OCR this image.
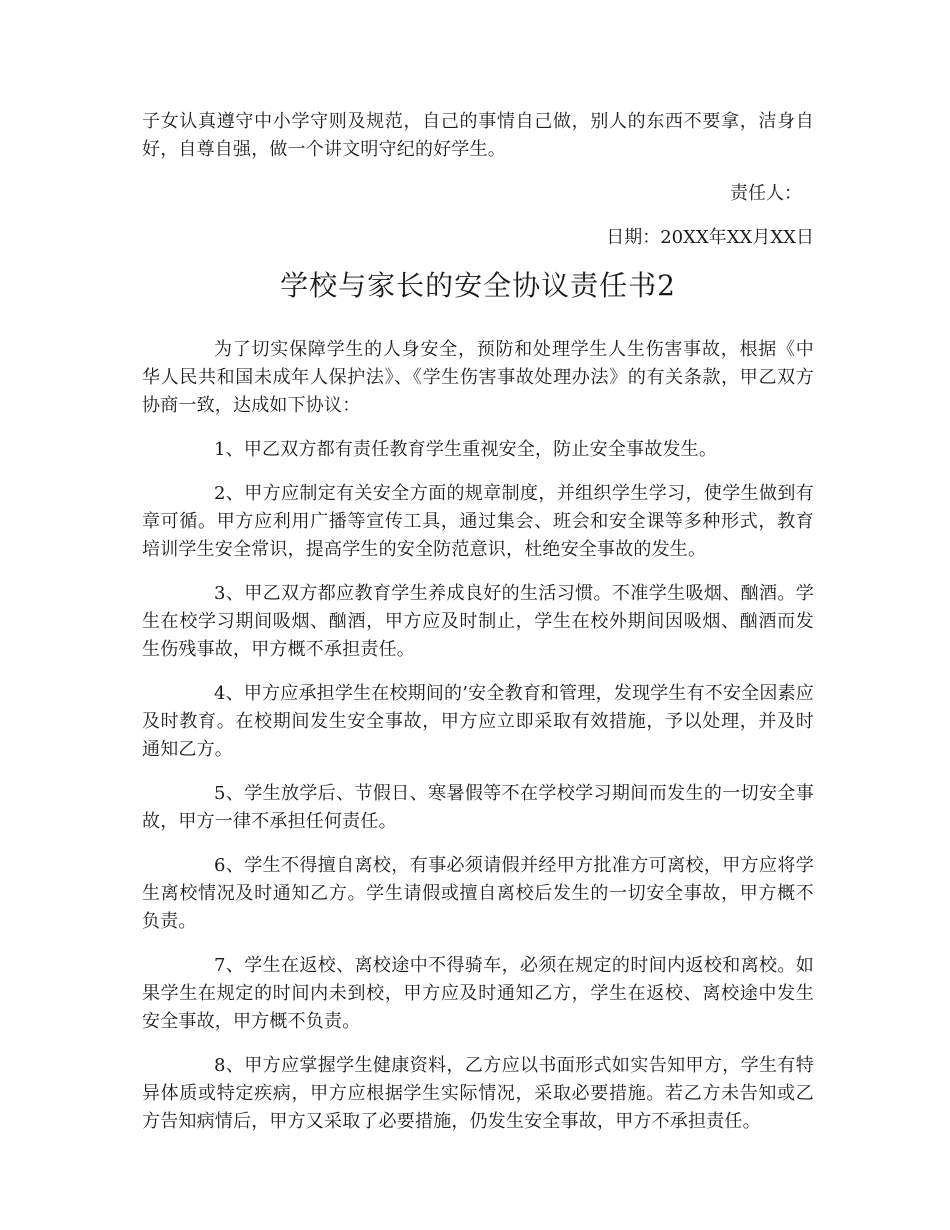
子女认真遵守中小学守则及规范，自己的事情自己做，别人的东西不要拿，洁身自好，自尊自强，做一个讲文明守纪的好学生。

责任人：

日期：20XX年XX月XX日

学校与家长的安全协议责任书2

为了切实保障学生的人身安全，预防和处理学生人生伤害事故，根据《中华人民共和国未成年人保护法》、《学生伤害事故处理办法》的有关条款，甲乙双方协商一致，达成如下协议：

1、甲乙双方都有责任教育学生重视安全，防止安全事故发生。

2、甲方应制定有关安全方面的规章制度，并组织学生学习，使学生做到有章可循。甲方应利用广播等宣传工具，通过集会、班会和安全课等多种形式，教育培训学生安全常识，提高学生的安全防范意识，杜绝安全事故的发生。

3、甲乙双方都应教育学生养成良好的生活习惯。不准学生吸烟、酗酒。学生在校学习期间吸烟、酗酒，甲方应及时制止，学生在校外期间因吸烟、酗酒而发生伤残事故，甲方概不承担责任。

4、甲方应承担学生在校期间的’安全教育和管理，发现学生有不安全因素应及时教育。在校期间发生安全事故，甲方应立即采取有效措施，予以处理，并及时通知乙方。

5、学生放学后、节假日、寒暑假等不在学校学习期间而发生的一切安全事故，甲方一律不承担任何责任。

6、学生不得擅自离校，有事必须请假并经甲方批准方可离校，甲方应将学生离校情况及时通知乙方。学生请假或擅自离校后发生的一切安全事故，甲方概不负责。

7、学生在返校、离校途中不得骑车，必须在规定的时间内返校和离校。如果学生在规定的时间内未到校，甲方应及时通知乙方，学生在返校、离校途中发生安全事故，甲方概不负责。

8、甲方应掌握学生健康资料，乙方应以书面形式如实告知甲方，学生有特异体质或特定疾病，甲方应根据学生实际情况，采取必要措施。若乙方未告知或乙方告知病情后，甲方又采取了必要措施，仍发生安全事故，甲方不承担责任。
